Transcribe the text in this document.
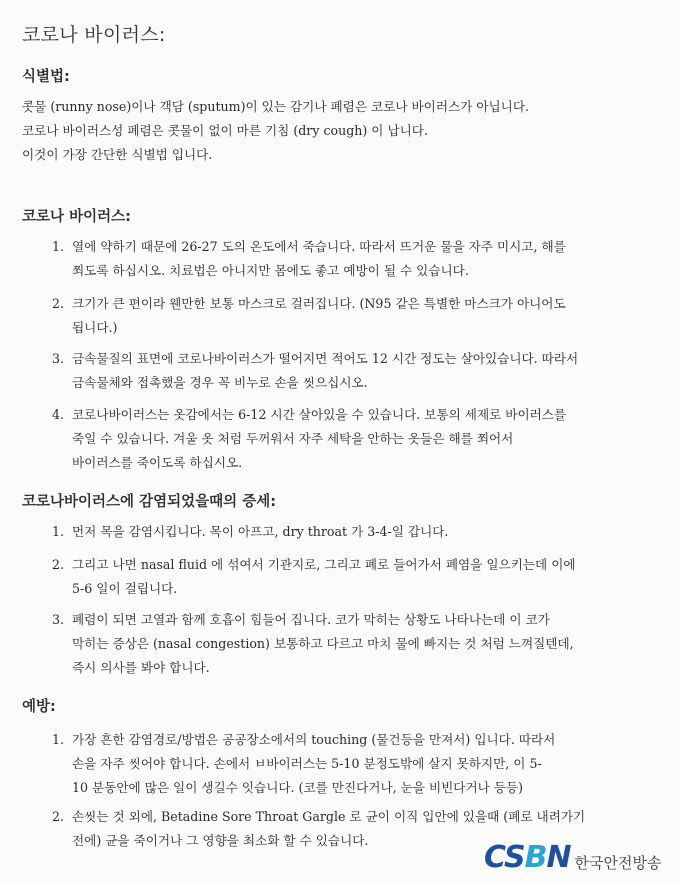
코로나 바이러스:
식별법:
콧물 (runny nose)이나 객담 (sputum)이 있는 감기나 폐렴은 코로나 바이러스가 아닙니다.
코로나 바이러스성 폐렴은 콧물이 없이 마른 기침 (dry cough) 이 납니다.
이것이 가장 간단한 식별법 입니다.
코로나 바이러스:
1. 열에 약하기 때문에 26-27 도의 온도에서 죽습니다. 따라서 뜨거운 물을 자주 미시고, 해를
쬐도록 하십시오. 치료법은 아니지만 몸에도 좋고 예방이 될 수 있습니다.
2. 크기가 큰 편이라 웬만한 보통 마스크로 걸러집니다. (N95 같은 특별한 마스크가 아니어도
됩니다.)
3. 금속물질의 표면에 코로나바이러스가 떨어지면 적어도 12 시간 정도는 살아있습니다. 따라서
금속물체와 접촉했을 경우 꼭 비누로 손을 씻으십시오.
4. 코로나바이러스는 옷감에서는 6-12 시간 살아있을 수 있습니다. 보통의 세제로 바이러스를
죽일 수 있습니다. 겨울 옷 처럼 두꺼워서 자주 세탁을 안하는 옷들은 해를 쬐어서
바이러스를 죽이도록 하십시오.
코로나바이러스에 감염되었을때의 증세:
1. 먼저 목을 감염시킵니다. 목이 아프고, dry throat 가 3-4-일 갑니다.
2. 그리고 나면 nasal fluid 에 섞여서 기관지로, 그리고 폐로 들어가서 폐염을 일으키는데 이에
5-6 일이 걸립니다.
3. 폐렴이 되면 고열과 함께 호흡이 힘들어 집니다. 코가 막히는 상황도 나타나는데 이 코가
막히는 증상은 (nasal congestion) 보통하고 다르고 마치 물에 빠지는 것 처럼 느껴질텐데,
즉시 의사를 봐야 합니다.
예방:
1. 가장 흔한 감염경로/방법은 공공장소에서의 touching (물건등을 만져서) 입니다. 따라서
손을 자주 씻어야 합니다. 손에서 ㅂ바이러스는 5-10 분정도밖에 살지 못하지만, 이 5-
10 분동안에 많은 일이 생길수 잇습니다. (코를 만진다거나, 눈을 비빈다거나 등등)
2. 손씻는 것 외에, Betadine Sore Throat Gargle 로 균이 이직 입안에 있을때 (폐로 내려가기
전에) 균을 죽이거나 그 영향을 최소화 할 수 있습니다.	CSBN 한국안전방송
